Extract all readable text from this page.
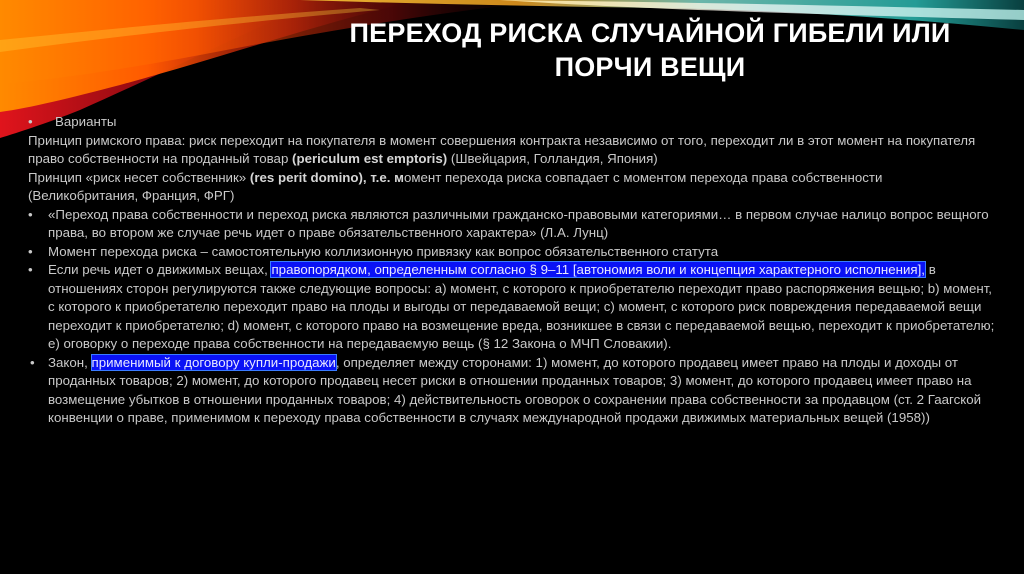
ПЕРЕХОД РИСКА СЛУЧАЙНОЙ ГИБЕЛИ ИЛИ
ПОРЧИ ВЕЩИ

• Варианты

Принцип римского права: риск переходит на покупателя в момент совершения контракта независимо от того, переходит ли в этот момент на покупателя право собственности на проданный товар (periculum est emptoris) (Швейцария, Голландия, Япония)

Принцип «риск несет собственник» (res perit domino), т.е. момент перехода риска совпадает с моментом перехода права собственности (Великобритания, Франция, ФРГ)

• «Переход права собственности и переход риска являются различными гражданско-правовыми категориями… в первом случае налицо вопрос вещного права, во втором же случае речь идет о праве обязательственного характера» (Л.А. Лунц)

• Момент перехода риска – самостоятельную коллизионную привязку как вопрос обязательственного статута

• Если речь идет о движимых вещах, правопорядком, определенным согласно § 9–11 [автономия воли и концепция характерного исполнения], в отношениях сторон регулируются также следующие вопросы: а) момент, с которого к приобретателю переходит право распоряжения вещью; b) момент, с которого к приобретателю переходит право на плоды и выгоды от передаваемой вещи; с) момент, с которого риск повреждения передаваемой вещи переходит к приобретателю; d) момент, с которого право на возмещение вреда, возникшее в связи с передаваемой вещью, переходит к приобретателю; е) оговорку о переходе права собственности на передаваемую вещь (§ 12 Закона о МЧП Словакии).

• Закон, применимый к договору купли-продажи, определяет между сторонами: 1) момент, до которого продавец имеет право на плоды и доходы от проданных товаров; 2) момент, до которого продавец несет риски в отношении проданных товаров; 3) момент, до которого продавец имеет право на возмещение убытков в отношении проданных товаров; 4) действительность оговорок о сохранении права собственности за продавцом (ст. 2 Гаагской конвенции о праве, применимом к переходу права собственности в случаях международной продажи движимых материальных вещей (1958))
